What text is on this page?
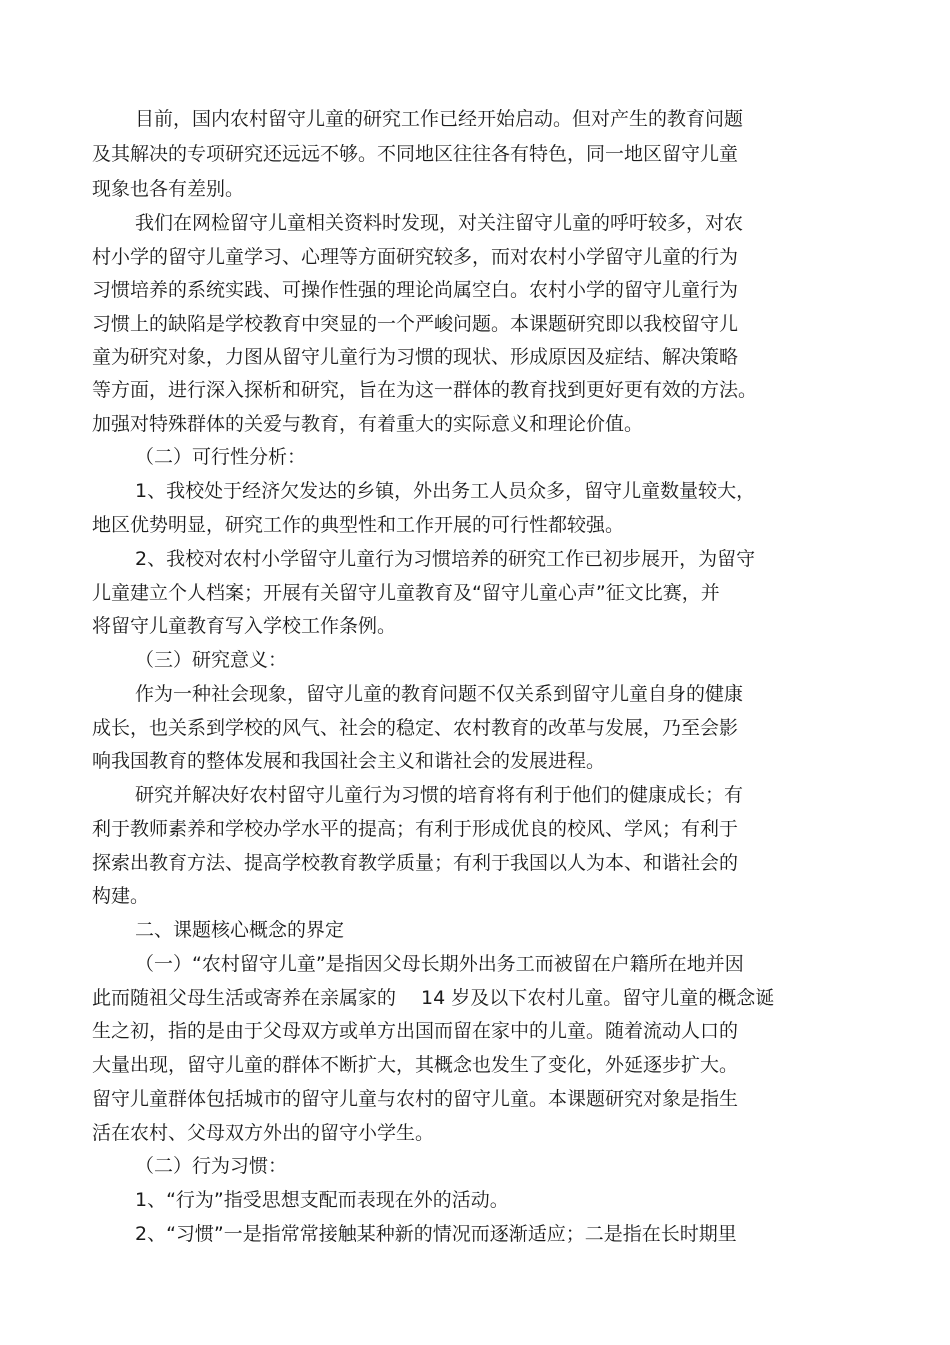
目前，国内农村留守儿童的研究工作已经开始启动。但对产生的教育问题
及其解决的专项研究还远远不够。不同地区往往各有特色，同一地区留守儿童
现象也各有差别。
我们在网检留守儿童相关资料时发现，对关注留守儿童的呼吁较多，对农
村小学的留守儿童学习、心理等方面研究较多，而对农村小学留守儿童的行为
习惯培养的系统实践、可操作性强的理论尚属空白。农村小学的留守儿童行为
习惯上的缺陷是学校教育中突显的一个严峻问题。本课题研究即以我校留守儿
童为研究对象，力图从留守儿童行为习惯的现状、形成原因及症结、解决策略
等方面，进行深入探析和研究，旨在为这一群体的教育找到更好更有效的方法。
加强对特殊群体的关爱与教育，有着重大的实际意义和理论价值。
（二）可行性分析：
1、我校处于经济欠发达的乡镇，外出务工人员众多，留守儿童数量较大，
地区优势明显，研究工作的典型性和工作开展的可行性都较强。
2、我校对农村小学留守儿童行为习惯培养的研究工作已初步展开，为留守
儿童建立个人档案；开展有关留守儿童教育及“留守儿童心声”征文比赛，并
将留守儿童教育写入学校工作条例。
（三）研究意义：
作为一种社会现象，留守儿童的教育问题不仅关系到留守儿童自身的健康
成长，也关系到学校的风气、社会的稳定、农村教育的改革与发展，乃至会影
响我国教育的整体发展和我国社会主义和谐社会的发展进程。
研究并解决好农村留守儿童行为习惯的培育将有利于他们的健康成长；有
利于教师素养和学校办学水平的提高；有利于形成优良的校风、学风；有利于
探索出教育方法、提高学校教育教学质量；有利于我国以人为本、和谐社会的
构建。
二、课题核心概念的界定
（一）“农村留守儿童”是指因父母长期外出务工而被留在户籍所在地并因
此而随祖父母生活或寄养在亲属家的　 14 岁及以下农村儿童。留守儿童的概念诞
生之初，指的是由于父母双方或单方出国而留在家中的儿童。随着流动人口的
大量出现，留守儿童的群体不断扩大，其概念也发生了变化，外延逐步扩大。
留守儿童群体包括城市的留守儿童与农村的留守儿童。本课题研究对象是指生
活在农村、父母双方外出的留守小学生。
（二）行为习惯：
1、“行为”指受思想支配而表现在外的活动。
2、“习惯”一是指常常接触某种新的情况而逐渐适应；二是指在长时期里
